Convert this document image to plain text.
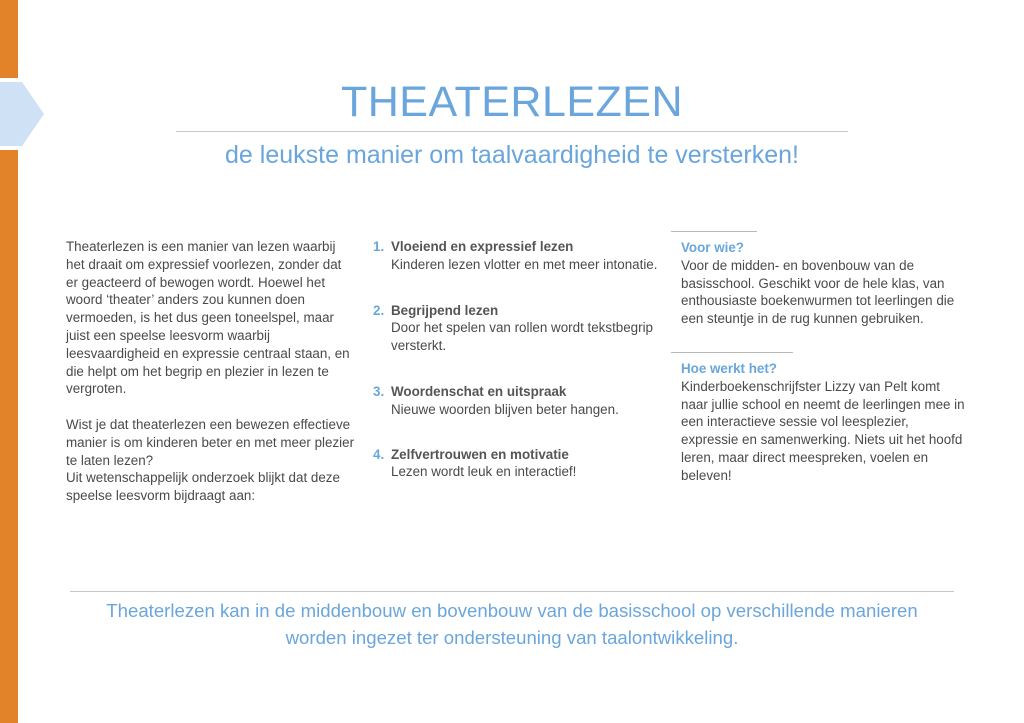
THEATERLEZEN
de leukste manier om taalvaardigheid te versterken!

Theaterlezen is een manier van lezen waarbij het draait om expressief voorlezen, zonder dat er geacteerd of bewogen wordt. Hoewel het woord ‘theater’ anders zou kunnen doen vermoeden, is het dus geen toneelspel, maar juist een speelse leesvorm waarbij leesvaardigheid en expressie centraal staan, en die helpt om het begrip en plezier in lezen te vergroten.

Wist je dat theaterlezen een bewezen effectieve manier is om kinderen beter en met meer plezier te laten lezen?
Uit wetenschappelijk onderzoek blijkt dat deze speelse leesvorm bijdraagt aan:

1. Vloeiend en expressief lezen
Kinderen lezen vlotter en met meer intonatie.
2. Begrijpend lezen
Door het spelen van rollen wordt tekstbegrip versterkt.
3. Woordenschat en uitspraak
Nieuwe woorden blijven beter hangen.
4. Zelfvertrouwen en motivatie
Lezen wordt leuk en interactief!
Voor wie?
Voor de midden- en bovenbouw van de basisschool. Geschikt voor de hele klas, van enthousiaste boekenwurmen tot leerlingen die een steuntje in de rug kunnen gebruiken.
Hoe werkt het?
Kinderboekenschrijfster Lizzy van Pelt komt naar jullie school en neemt de leerlingen mee in een interactieve sessie vol leesplezier, expressie en samenwerking. Niets uit het hoofd leren, maar direct meespreken, voelen en beleven!
Theaterlezen kan in de middenbouw en bovenbouw van de basisschool op verschillende manieren
worden ingezet ter ondersteuning van taalontwikkeling.
